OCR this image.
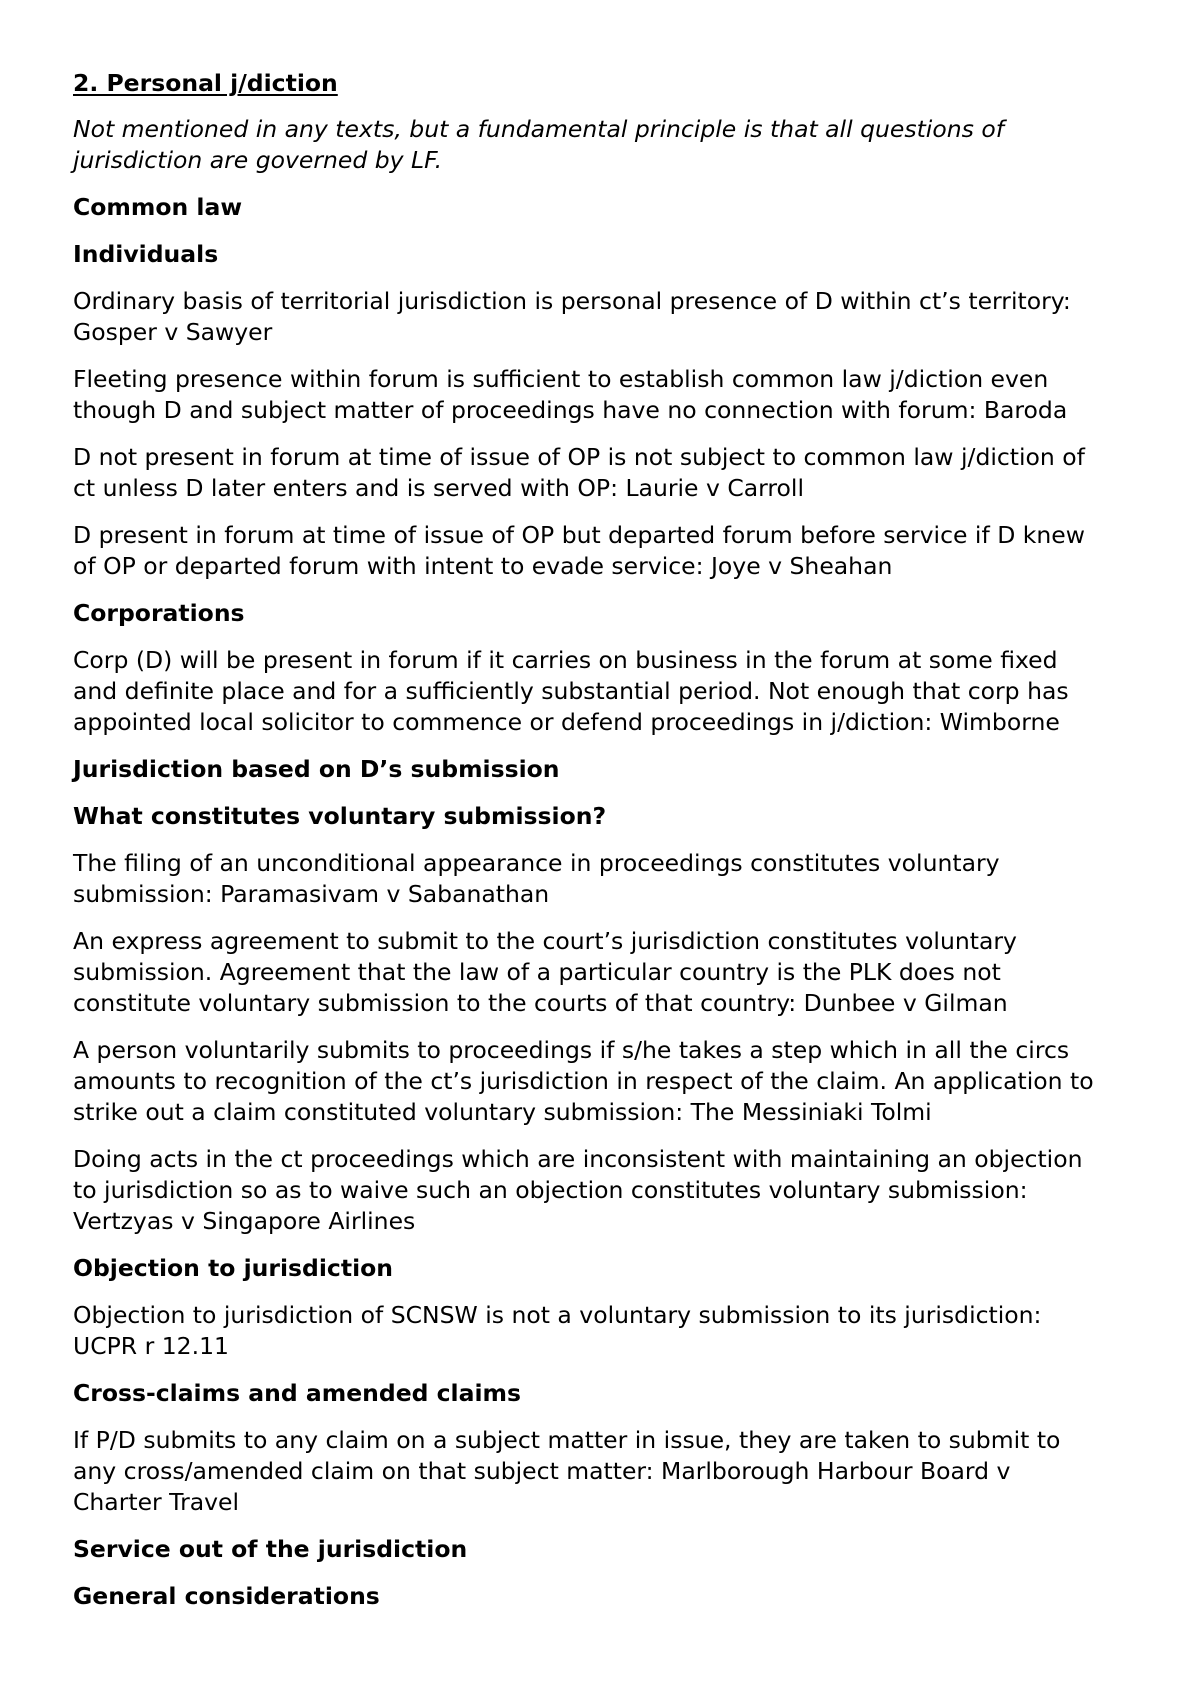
2. Personal j/diction
Not mentioned in any texts, but a fundamental principle is that all questions of
jurisdiction are governed by LF.
Common law
Individuals
Ordinary basis of territorial jurisdiction is personal presence of D within ct’s territory:
Gosper v Sawyer
Fleeting presence within forum is sufficient to establish common law j/diction even
though D and subject matter of proceedings have no connection with forum: Baroda
D not present in forum at time of issue of OP is not subject to common law j/diction of
ct unless D later enters and is served with OP: Laurie v Carroll
D present in forum at time of issue of OP but departed forum before service if D knew
of OP or departed forum with intent to evade service: Joye v Sheahan
Corporations
Corp (D) will be present in forum if it carries on business in the forum at some fixed
and definite place and for a sufficiently substantial period. Not enough that corp has
appointed local solicitor to commence or defend proceedings in j/diction: Wimborne
Jurisdiction based on D’s submission
What constitutes voluntary submission?
The filing of an unconditional appearance in proceedings constitutes voluntary
submission: Paramasivam v Sabanathan
An express agreement to submit to the court’s jurisdiction constitutes voluntary
submission. Agreement that the law of a particular country is the PLK does not
constitute voluntary submission to the courts of that country: Dunbee v Gilman
A person voluntarily submits to proceedings if s/he takes a step which in all the circs
amounts to recognition of the ct’s jurisdiction in respect of the claim. An application to
strike out a claim constituted voluntary submission: The Messiniaki Tolmi
Doing acts in the ct proceedings which are inconsistent with maintaining an objection
to jurisdiction so as to waive such an objection constitutes voluntary submission:
Vertzyas v Singapore Airlines
Objection to jurisdiction
Objection to jurisdiction of SCNSW is not a voluntary submission to its jurisdiction:
UCPR r 12.11
Cross-claims and amended claims
If P/D submits to any claim on a subject matter in issue, they are taken to submit to
any cross/amended claim on that subject matter: Marlborough Harbour Board v
Charter Travel
Service out of the jurisdiction
General considerations
